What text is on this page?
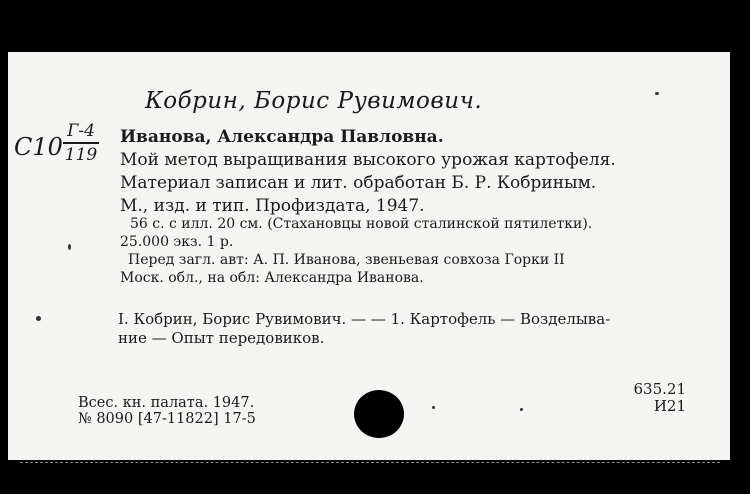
Кобрин, Борис Рувимович.
С10
Г-4
119
Иванова, Александра Павловна.
Мой метод выращивания высокого урожая картофеля.
Материал записан и лит. обработан Б. Р. Кобриным.
М., изд. и тип. Профиздата, 1947.
56 с. с илл. 20 см. (Стахановцы новой сталинской пятилетки).
25.000 экз. 1 р.
Перед загл. авт: А. П. Иванова, звеньевая совхоза Горки II
Моск. обл., на обл: Александра Иванова.
I. Кобрин, Борис Рувимович. — — 1. Картофель — Возделыва-
ние — Опыт передовиков.
Всес. кн. палата. 1947.
№ 8090 [47-11822] 17-5
635.21
И21
